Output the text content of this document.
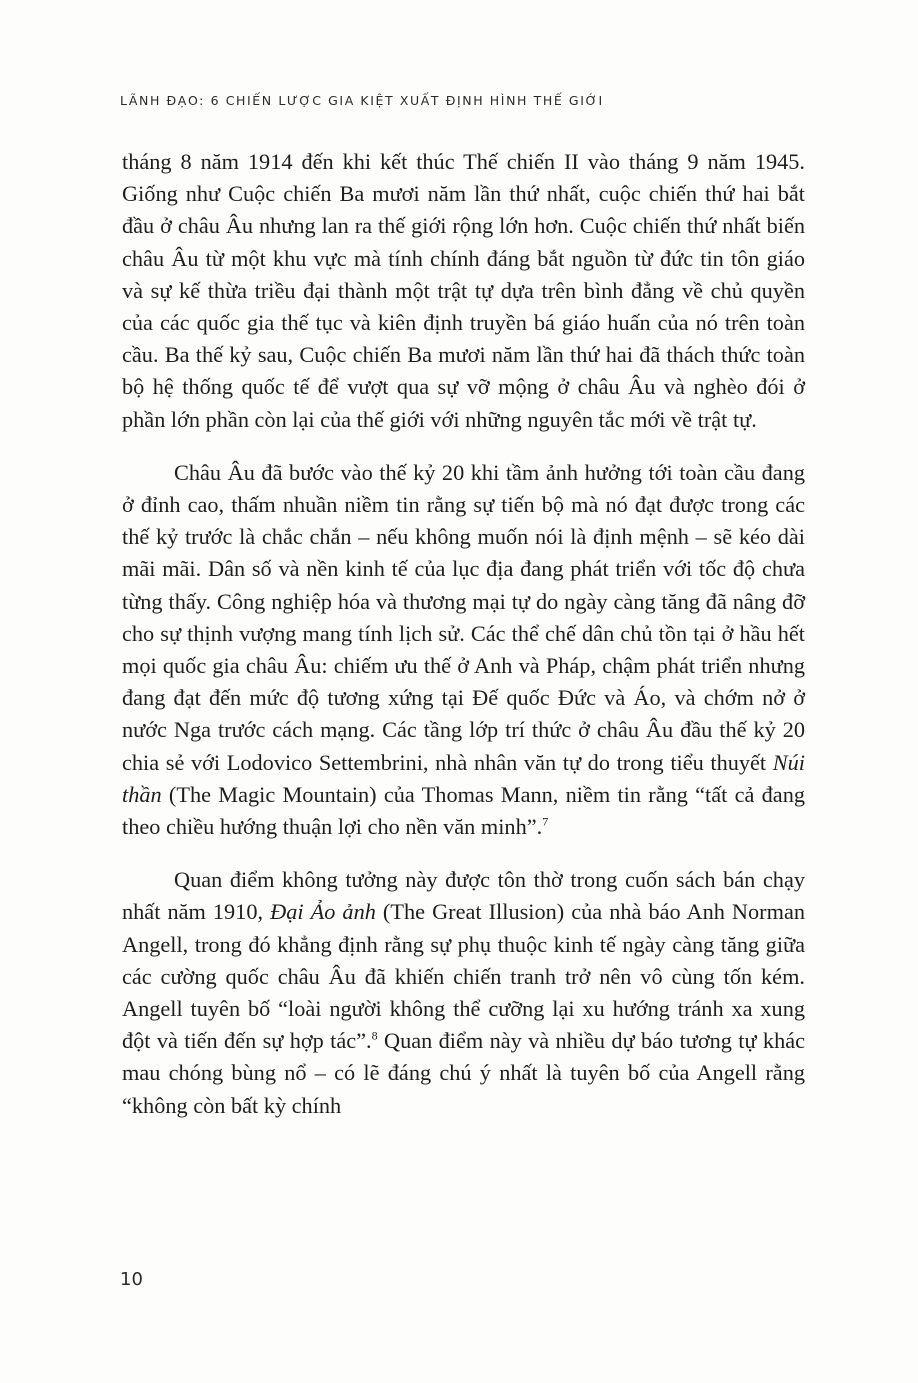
LÃNH ĐẠO: 6 CHIẾN LƯỢC GIA KIỆT XUẤT ĐỊNH HÌNH THẾ GIỚI

tháng 8 năm 1914 đến khi kết thúc Thế chiến II vào tháng 9 năm 1945. Giống như Cuộc chiến Ba mươi năm lần thứ nhất, cuộc chiến thứ hai bắt đầu ở châu Âu nhưng lan ra thế giới rộng lớn hơn. Cuộc chiến thứ nhất biến châu Âu từ một khu vực mà tính chính đáng bắt nguồn từ đức tin tôn giáo và sự kế thừa triều đại thành một trật tự dựa trên bình đẳng về chủ quyền của các quốc gia thế tục và kiên định truyền bá giáo huấn của nó trên toàn cầu. Ba thế kỷ sau, Cuộc chiến Ba mươi năm lần thứ hai đã thách thức toàn bộ hệ thống quốc tế để vượt qua sự vỡ mộng ở châu Âu và nghèo đói ở phần lớn phần còn lại của thế giới với những nguyên tắc mới về trật tự.

Châu Âu đã bước vào thế kỷ 20 khi tầm ảnh hưởng tới toàn cầu đang ở đỉnh cao, thấm nhuần niềm tin rằng sự tiến bộ mà nó đạt được trong các thế kỷ trước là chắc chắn – nếu không muốn nói là định mệnh – sẽ kéo dài mãi mãi. Dân số và nền kinh tế của lục địa đang phát triển với tốc độ chưa từng thấy. Công nghiệp hóa và thương mại tự do ngày càng tăng đã nâng đỡ cho sự thịnh vượng mang tính lịch sử. Các thể chế dân chủ tồn tại ở hầu hết mọi quốc gia châu Âu: chiếm ưu thế ở Anh và Pháp, chậm phát triển nhưng đang đạt đến mức độ tương xứng tại Đế quốc Đức và Áo, và chớm nở ở nước Nga trước cách mạng. Các tầng lớp trí thức ở châu Âu đầu thế kỷ 20 chia sẻ với Lodovico Settembrini, nhà nhân văn tự do trong tiểu thuyết Núi thần (The Magic Mountain) của Thomas Mann, niềm tin rằng “tất cả đang theo chiều hướng thuận lợi cho nền văn minh”.$^7$

Quan điểm không tưởng này được tôn thờ trong cuốn sách bán chạy nhất năm 1910, Đại Ảo ảnh (The Great Illusion) của nhà báo Anh Norman Angell, trong đó khẳng định rằng sự phụ thuộc kinh tế ngày càng tăng giữa các cường quốc châu Âu đã khiến chiến tranh trở nên vô cùng tốn kém. Angell tuyên bố “loài người không thể cưỡng lại xu hướng tránh xa xung đột và tiến đến sự hợp tác”.$^8$ Quan điểm này và nhiều dự báo tương tự khác mau chóng bùng nổ – có lẽ đáng chú ý nhất là tuyên bố của Angell rằng “không còn bất kỳ chính

10
